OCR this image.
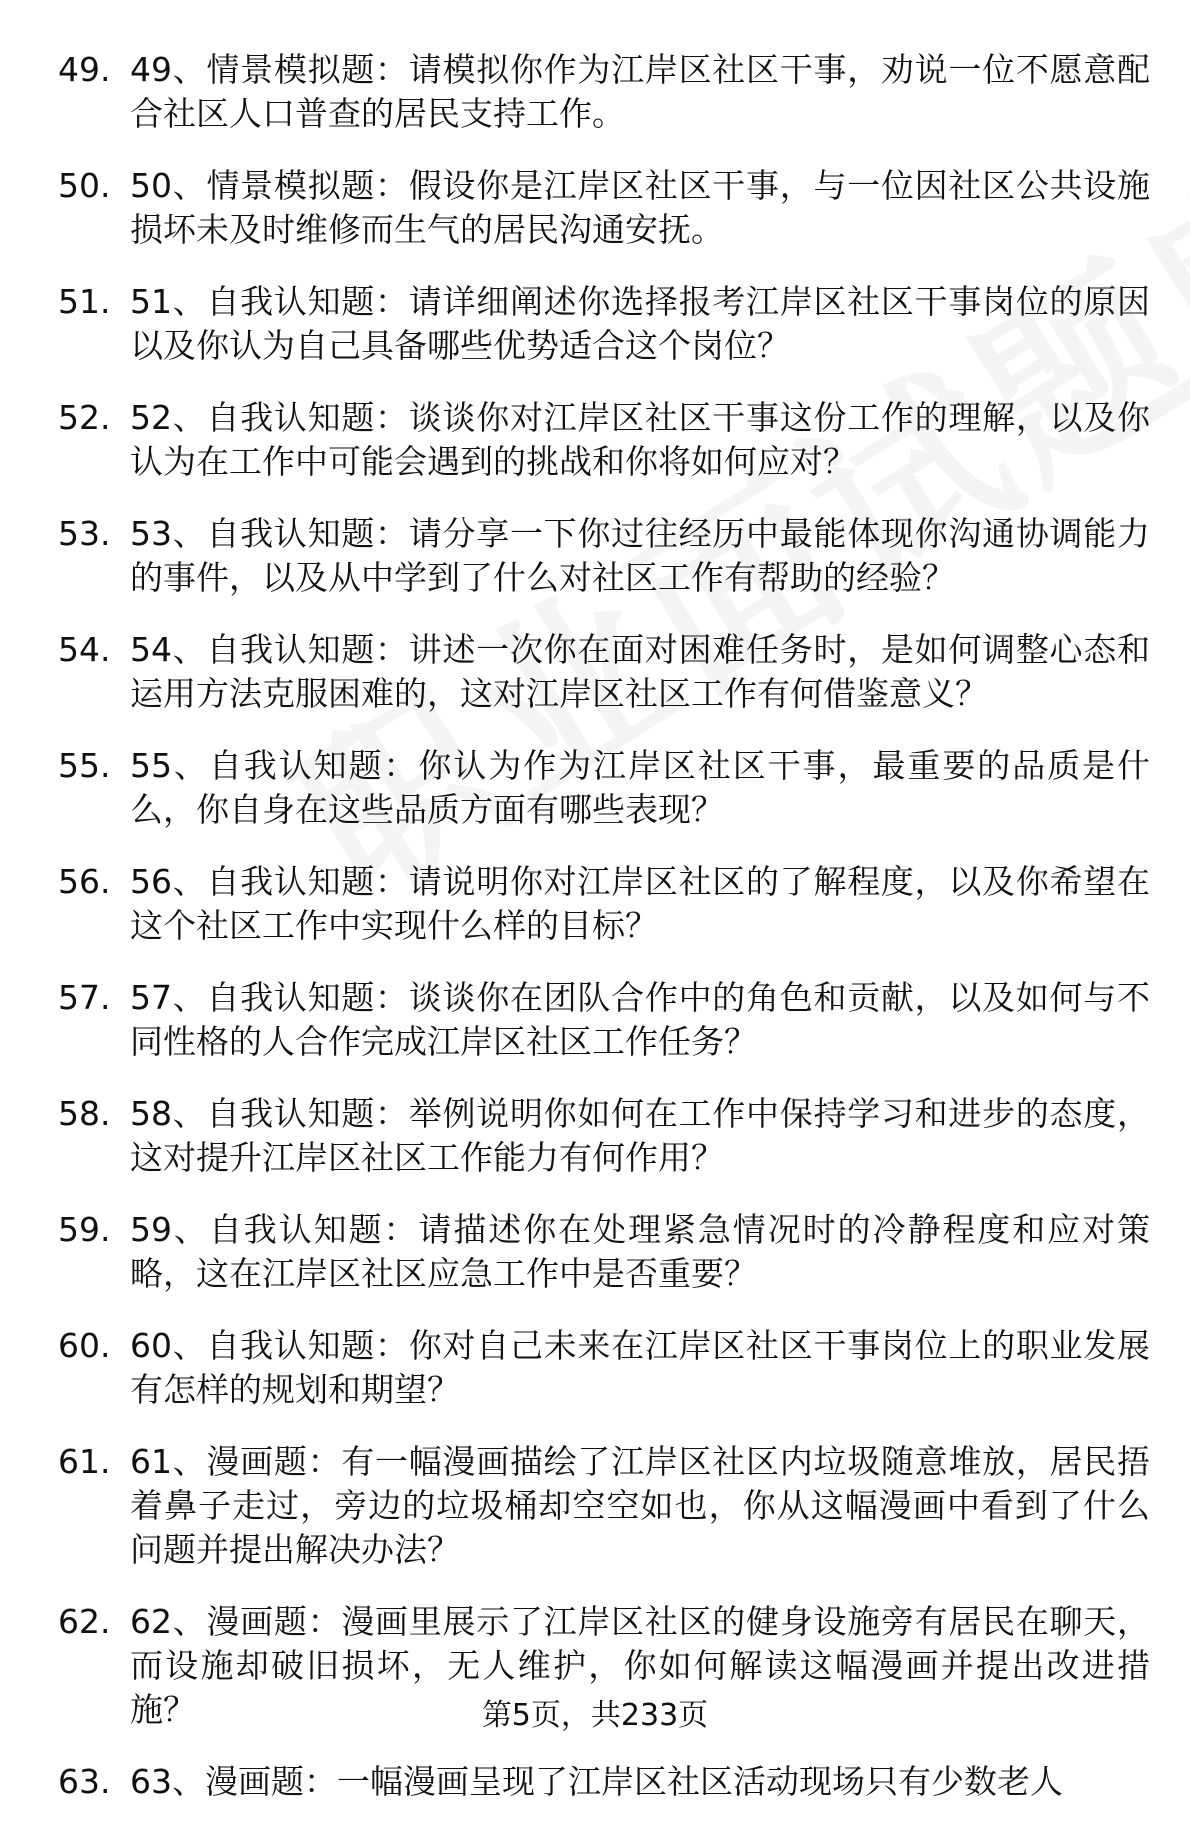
49. 49、情景模拟题：请模拟你作为江岸区社区干事，劝说一位不愿意配合社区人口普查的居民支持工作。
50. 50、情景模拟题：假设你是江岸区社区干事，与一位因社区公共设施损坏未及时维修而生气的居民沟通安抚。
51. 51、自我认知题：请详细阐述你选择报考江岸区社区干事岗位的原因以及你认为自己具备哪些优势适合这个岗位？
52. 52、自我认知题：谈谈你对江岸区社区干事这份工作的理解，以及你认为在工作中可能会遇到的挑战和你将如何应对？
53. 53、自我认知题：请分享一下你过往经历中最能体现你沟通协调能力的事件，以及从中学到了什么对社区工作有帮助的经验？
54. 54、自我认知题：讲述一次你在面对困难任务时，是如何调整心态和运用方法克服困难的，这对江岸区社区工作有何借鉴意义？
55. 55、自我认知题：你认为作为江岸区社区干事，最重要的品质是什么，你自身在这些品质方面有哪些表现？
56. 56、自我认知题：请说明你对江岸区社区的了解程度，以及你希望在这个社区工作中实现什么样的目标？
57. 57、自我认知题：谈谈你在团队合作中的角色和贡献，以及如何与不同性格的人合作完成江岸区社区工作任务？
58. 58、自我认知题：举例说明你如何在工作中保持学习和进步的态度，这对提升江岸区社区工作能力有何作用？
59. 59、自我认知题：请描述你在处理紧急情况时的冷静程度和应对策略，这在江岸区社区应急工作中是否重要？
60. 60、自我认知题：你对自己未来在江岸区社区干事岗位上的职业发展有怎样的规划和期望？
61. 61、漫画题：有一幅漫画描绘了江岸区社区内垃圾随意堆放，居民捂着鼻子走过，旁边的垃圾桶却空空如也，你从这幅漫画中看到了什么问题并提出解决办法？
62. 62、漫画题：漫画里展示了江岸区社区的健身设施旁有居民在聊天，而设施却破旧损坏，无人维护，你如何解读这幅漫画并提出改进措施？
63. 63、漫画题：一幅漫画呈现了江岸区社区活动现场只有少数老人
第5页，共233页
